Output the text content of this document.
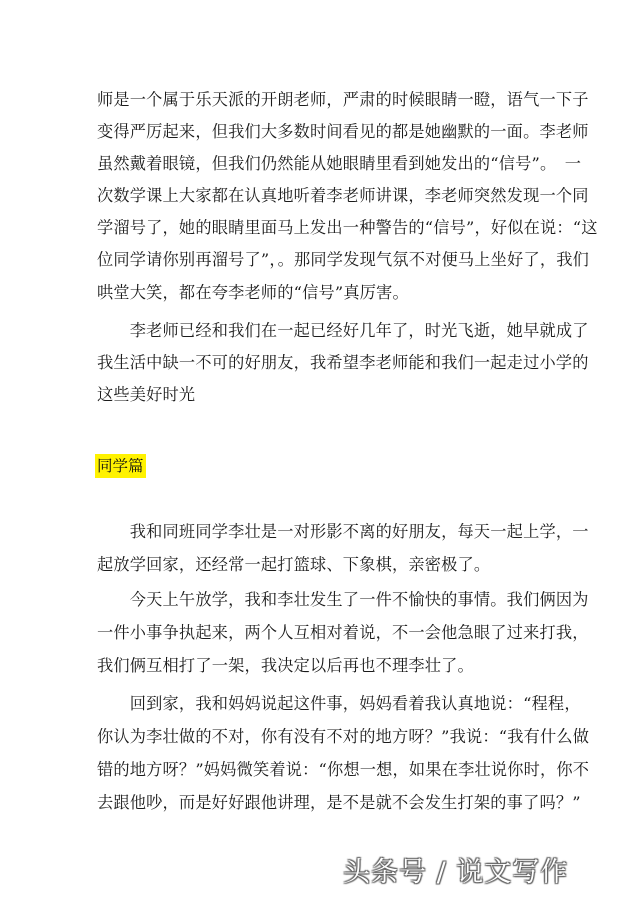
师是一个属于乐天派的开朗老师，严肃的时候眼睛一瞪，语气一下子
变得严厉起来，但我们大多数时间看见的都是她幽默的一面。李老师
虽然戴着眼镜，但我们仍然能从她眼睛里看到她发出的“信号”。　一
次数学课上大家都在认真地听着李老师讲课，李老师突然发现一个同
学溜号了，她的眼睛里面马上发出一种警告的“信号”，好似在说：“这
位同学请你别再溜号了”，。那同学发现气氛不对便马上坐好了，我们
哄堂大笑，都在夸李老师的“信号”真厉害。
　　李老师已经和我们在一起已经好几年了，时光飞逝，她早就成了
我生活中缺一不可的好朋友，我希望李老师能和我们一起走过小学的
这些美好时光
同学篇
　　我和同班同学李壮是一对形影不离的好朋友，每天一起上学，一
起放学回家，还经常一起打篮球、下象棋，亲密极了。
　　今天上午放学，我和李壮发生了一件不愉快的事情。我们俩因为
一件小事争执起来，两个人互相对着说，不一会他急眼了过来打我，
我们俩互相打了一架，我决定以后再也不理李壮了。
　　回到家，我和妈妈说起这件事，妈妈看着我认真地说：“程程，
你认为李壮做的不对，你有没有不对的地方呀？”我说：“我有什么做
错的地方呀？”妈妈微笑着说：“你想一想，如果在李壮说你时，你不
去跟他吵，而是好好跟他讲理，是不是就不会发生打架的事了吗？”
头条号 / 说文写作
